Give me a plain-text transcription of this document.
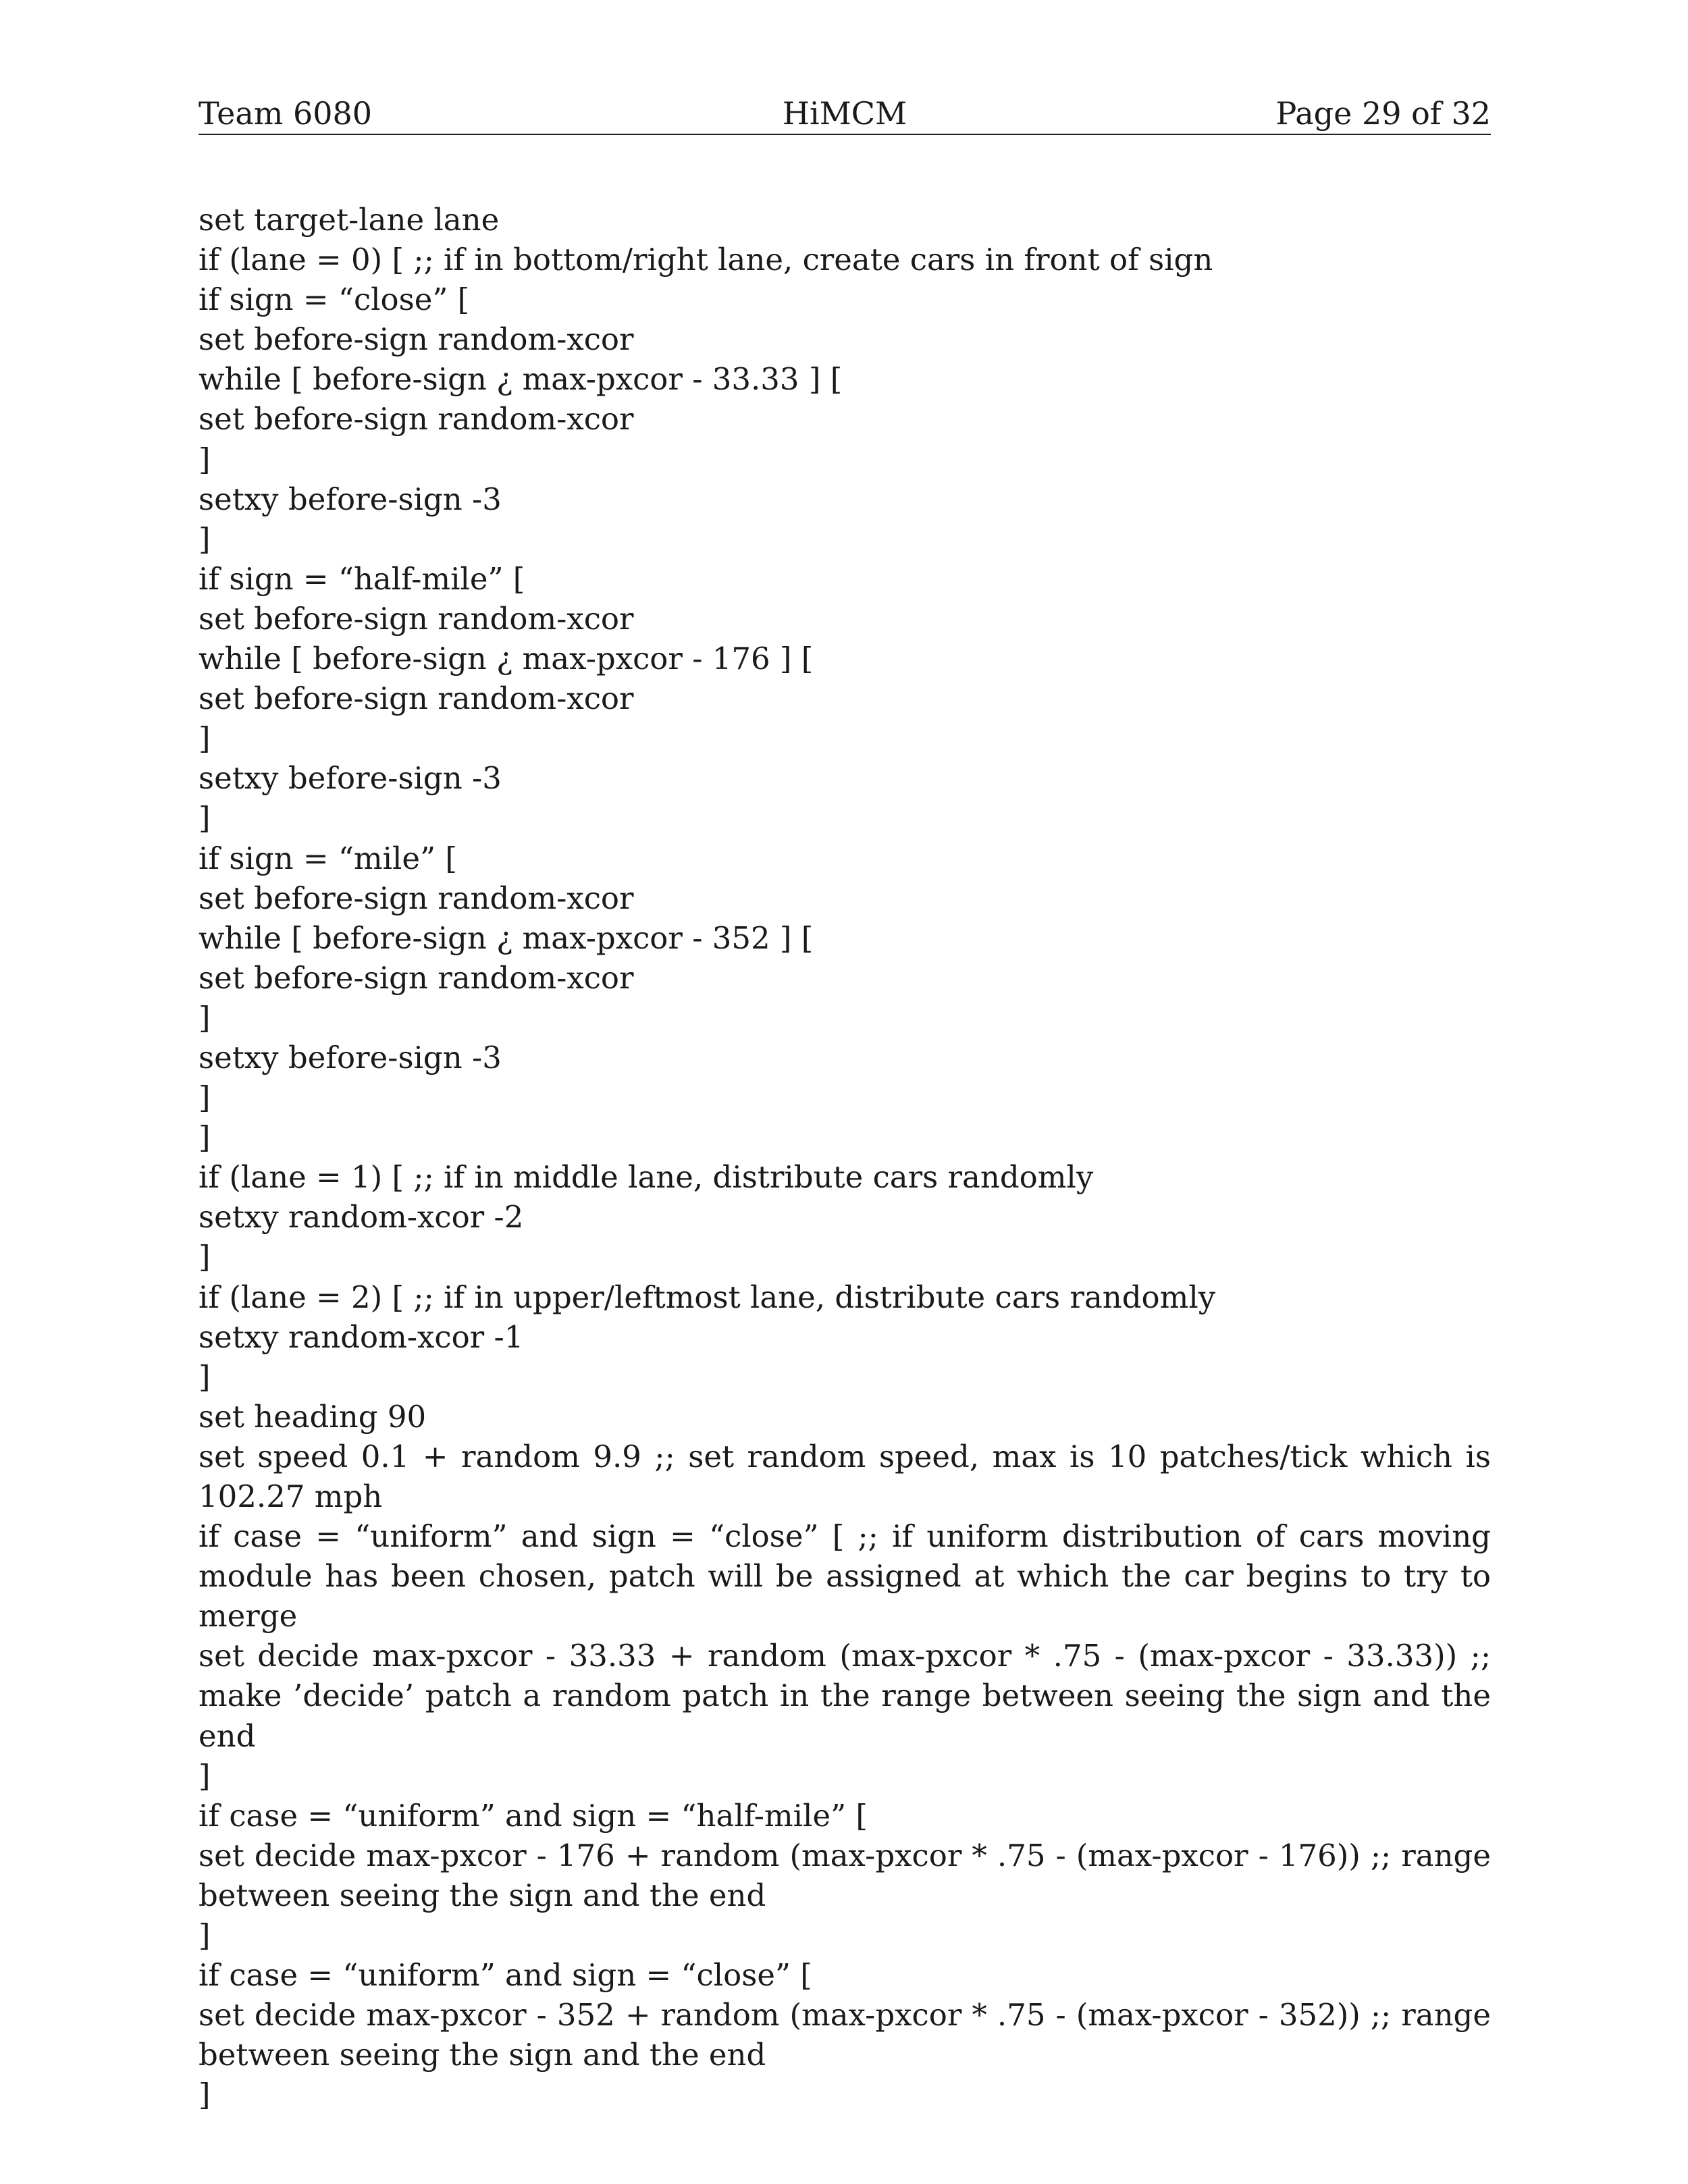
Team 6080	HiMCM	Page 29 of 32
set target-lane lane
if (lane = 0) [ ;; if in bottom/right lane, create cars in front of sign
if sign = “close” [
set before-sign random-xcor
while [ before-sign ¿ max-pxcor - 33.33 ] [
set before-sign random-xcor
]
setxy before-sign -3
]
if sign = “half-mile” [
set before-sign random-xcor
while [ before-sign ¿ max-pxcor - 176 ] [
set before-sign random-xcor
]
setxy before-sign -3
]
if sign = “mile” [
set before-sign random-xcor
while [ before-sign ¿ max-pxcor - 352 ] [
set before-sign random-xcor
]
setxy before-sign -3
]
]
if (lane = 1) [ ;; if in middle lane, distribute cars randomly
setxy random-xcor -2
]
if (lane = 2) [ ;; if in upper/leftmost lane, distribute cars randomly
setxy random-xcor -1
]
set heading 90
set speed 0.1 + random 9.9 ;; set random speed, max is 10 patches/tick which is 102.27 mph
if case = “uniform” and sign = “close” [ ;; if uniform distribution of cars moving module has been chosen, patch will be assigned at which the car begins to try to merge
set decide max-pxcor - 33.33 + random (max-pxcor * .75 - (max-pxcor - 33.33)) ;; make ’decide’ patch a random patch in the range between seeing the sign and the end
]
if case = “uniform” and sign = “half-mile” [
set decide max-pxcor - 176 + random (max-pxcor * .75 - (max-pxcor - 176)) ;; range between seeing the sign and the end
]
if case = “uniform” and sign = “close” [
set decide max-pxcor - 352 + random (max-pxcor * .75 - (max-pxcor - 352)) ;; range between seeing the sign and the end
]
